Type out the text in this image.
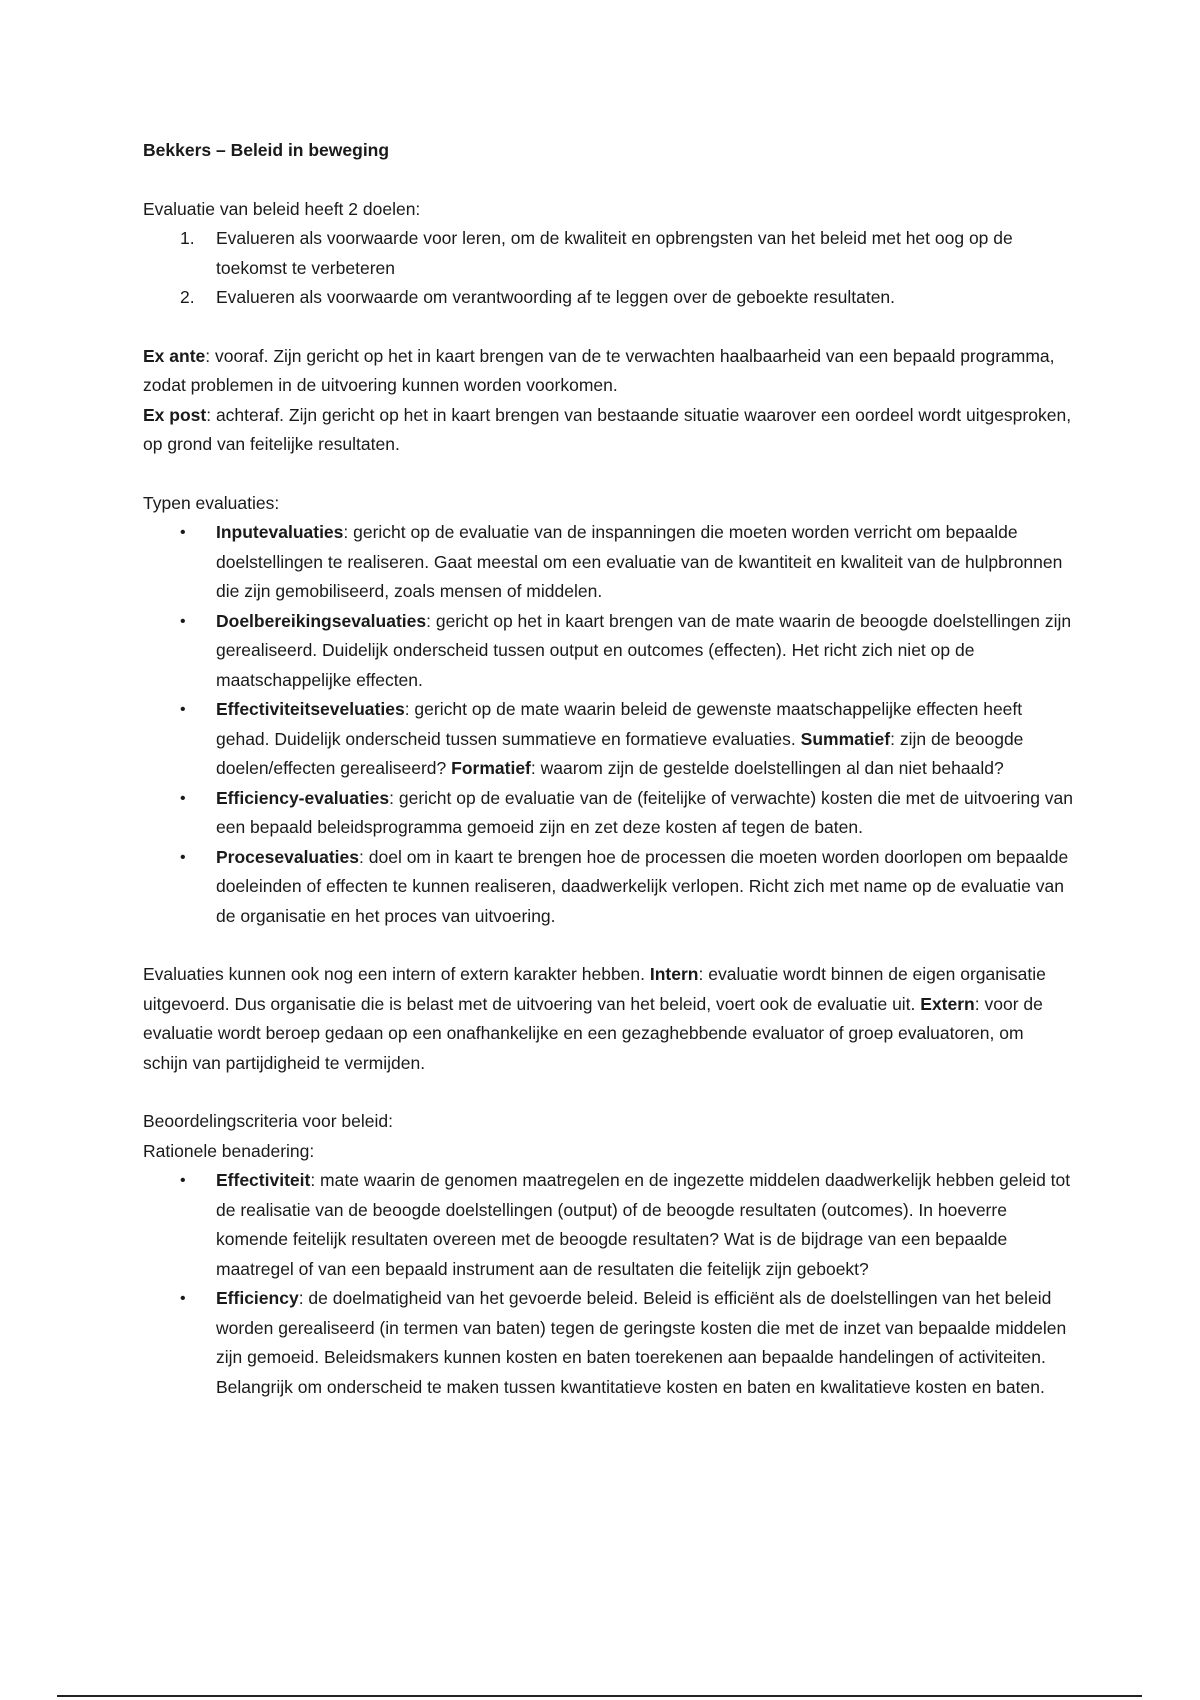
Bekkers – Beleid in beweging

Evaluatie van beleid heeft 2 doelen:

1. Evalueren als voorwaarde voor leren, om de kwaliteit en opbrengsten van het beleid met het oog op de toekomst te verbeteren
2. Evalueren als voorwaarde om verantwoording af te leggen over de geboekte resultaten.

Ex ante: vooraf. Zijn gericht op het in kaart brengen van de te verwachten haalbaarheid van een bepaald programma, zodat problemen in de uitvoering kunnen worden voorkomen.

Ex post: achteraf. Zijn gericht op het in kaart brengen van bestaande situatie waarover een oordeel wordt uitgesproken, op grond van feitelijke resultaten.

Typen evaluaties:

• Inputevaluaties: gericht op de evaluatie van de inspanningen die moeten worden verricht om bepaalde doelstellingen te realiseren. Gaat meestal om een evaluatie van de kwantiteit en kwaliteit van de hulpbronnen die zijn gemobiliseerd, zoals mensen of middelen.
• Doelbereikingsevaluaties: gericht op het in kaart brengen van de mate waarin de beoogde doelstellingen zijn gerealiseerd. Duidelijk onderscheid tussen output en outcomes (effecten). Het richt zich niet op de maatschappelijke effecten.
• Effectiviteitseveluaties: gericht op de mate waarin beleid de gewenste maatschappelijke effecten heeft gehad. Duidelijk onderscheid tussen summatieve en formatieve evaluaties. Summatief: zijn de beoogde doelen/effecten gerealiseerd? Formatief: waarom zijn de gestelde doelstellingen al dan niet behaald?
• Efficiency-evaluaties: gericht op de evaluatie van de (feitelijke of verwachte) kosten die met de uitvoering van een bepaald beleidsprogramma gemoeid zijn en zet deze kosten af tegen de baten.
• Procesevaluaties: doel om in kaart te brengen hoe de processen die moeten worden doorlopen om bepaalde doeleinden of effecten te kunnen realiseren, daadwerkelijk verlopen. Richt zich met name op de evaluatie van de organisatie en het proces van uitvoering.

Evaluaties kunnen ook nog een intern of extern karakter hebben. Intern: evaluatie wordt binnen de eigen organisatie uitgevoerd. Dus organisatie die is belast met de uitvoering van het beleid, voert ook de evaluatie uit. Extern: voor de evaluatie wordt beroep gedaan op een onafhankelijke en een gezaghebbende evaluator of groep evaluatoren, om schijn van partijdigheid te vermijden.

Beoordelingscriteria voor beleid:

Rationele benadering:

• Effectiviteit: mate waarin de genomen maatregelen en de ingezette middelen daadwerkelijk hebben geleid tot de realisatie van de beoogde doelstellingen (output) of de beoogde resultaten (outcomes). In hoeverre komende feitelijk resultaten overeen met de beoogde resultaten? Wat is de bijdrage van een bepaalde maatregel of van een bepaald instrument aan de resultaten die feitelijk zijn geboekt?
• Efficiency: de doelmatigheid van het gevoerde beleid. Beleid is efficiënt als de doelstellingen van het beleid worden gerealiseerd (in termen van baten) tegen de geringste kosten die met de inzet van bepaalde middelen zijn gemoeid. Beleidsmakers kunnen kosten en baten toerekenen aan bepaalde handelingen of activiteiten. Belangrijk om onderscheid te maken tussen kwantitatieve kosten en baten en kwalitatieve kosten en baten.
